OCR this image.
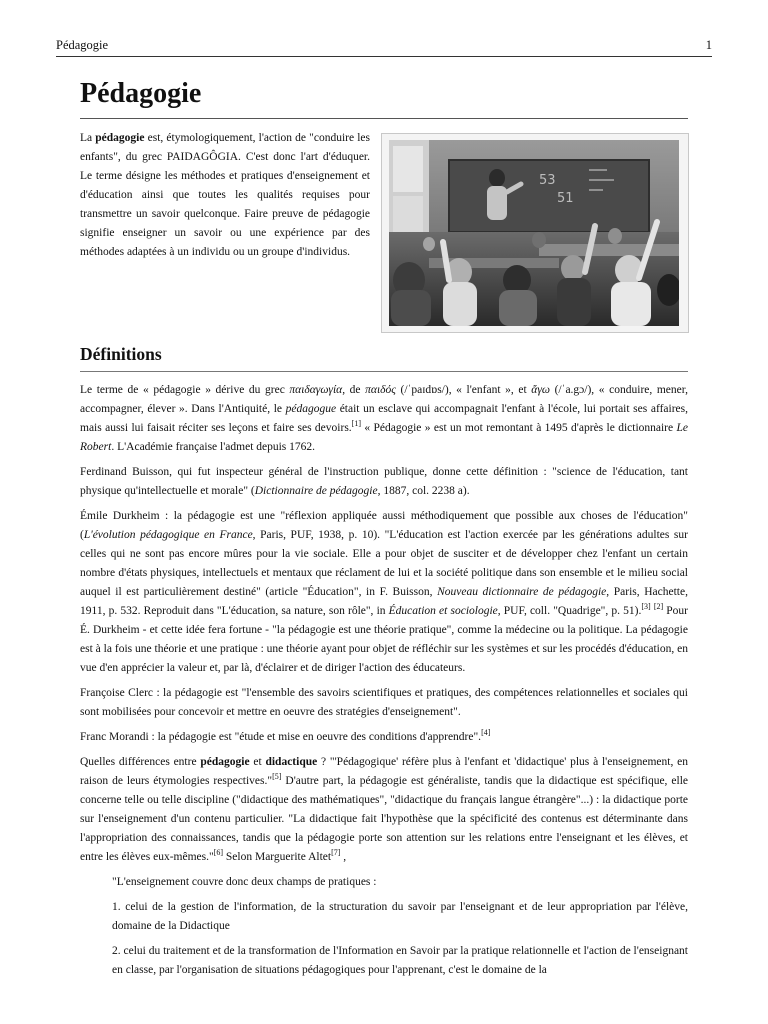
Pédagogie	1
Pédagogie

La pédagogie est, étymologiquement, l'action de "conduire les enfants", du grec PAIDAGÔGIA. C'est donc l'art d'éduquer. Le terme désigne les méthodes et pratiques d'enseignement et d'éducation ainsi que toutes les qualités requises pour transmettre un savoir quelconque. Faire preuve de pédagogie signifie enseigner un savoir ou une expérience par des méthodes adaptées à un individu ou un groupe d'individus.

53
51
Définitions

Le terme de « pédagogie » dérive du grec παιδαγωγία, de παιδός (/ˈpaɪdɒs/), « l'enfant », et ἄγω (/ˈa.gɔ/), « conduire, mener, accompagner, élever ». Dans l'Antiquité, le pédagogue était un esclave qui accompagnait l'enfant à l'école, lui portait ses affaires, mais aussi lui faisait réciter ses leçons et faire ses devoirs.[1] « Pédagogie » est un mot remontant à 1495 d'après le dictionnaire Le Robert. L'Académie française l'admet depuis 1762.

Ferdinand Buisson, qui fut inspecteur général de l'instruction publique, donne cette définition : "science de l'éducation, tant physique qu'intellectuelle et morale" (Dictionnaire de pédagogie, 1887, col. 2238 a).

Émile Durkheim : la pédagogie est une "réflexion appliquée aussi méthodiquement que possible aux choses de l'éducation" (L'évolution pédagogique en France, Paris, PUF, 1938, p. 10). "L'éducation est l'action exercée par les générations adultes sur celles qui ne sont pas encore mûres pour la vie sociale. Elle a pour objet de susciter et de développer chez l'enfant un certain nombre d'états physiques, intellectuels et mentaux que réclament de lui et la société politique dans son ensemble et le milieu social auquel il est particulièrement destiné" (article "Éducation", in F. Buisson, Nouveau dictionnaire de pédagogie, Paris, Hachette, 1911, p. 532. Reproduit dans "L'éducation, sa nature, son rôle", in Éducation et sociologie, PUF, coll. "Quadrige", p. 51).[3] [2] Pour É. Durkheim - et cette idée fera fortune - "la pédagogie est une théorie pratique", comme la médecine ou la politique. La pédagogie est à la fois une théorie et une pratique : une théorie ayant pour objet de réfléchir sur les systèmes et sur les procédés d'éducation, en vue d'en apprécier la valeur et, par là, d'éclairer et de diriger l'action des éducateurs.

Françoise Clerc : la pédagogie est "l'ensemble des savoirs scientifiques et pratiques, des compétences relationnelles et sociales qui sont mobilisées pour concevoir et mettre en oeuvre des stratégies d'enseignement".

Franc Morandi : la pédagogie est "étude et mise en oeuvre des conditions d'apprendre".[4]

Quelles différences entre pédagogie et didactique ? "'Pédagogique' réfère plus à l'enfant et 'didactique' plus à l'enseignement, en raison de leurs étymologies respectives."[5] D'autre part, la pédagogie est généraliste, tandis que la didactique est spécifique, elle concerne telle ou telle discipline ("didactique des mathématiques", "didactique du français langue étrangère"...) : la didactique porte sur l'enseignement d'un contenu particulier. "La didactique fait l'hypothèse que la spécificité des contenus est déterminante dans l'appropriation des connaissances, tandis que la pédagogie porte son attention sur les relations entre l'enseignant et les élèves, et entre les élèves eux-mêmes."[6] Selon Marguerite Altet[7] ,

"L'enseignement couvre donc deux champs de pratiques :

1. celui de la gestion de l'information, de la structuration du savoir par l'enseignant et de leur appropriation par l'élève, domaine de la Didactique

2. celui du traitement et de la transformation de l'Information en Savoir par la pratique relationnelle et l'action de l'enseignant en classe, par l'organisation de situations pédagogiques pour l'apprenant, c'est le domaine de la
